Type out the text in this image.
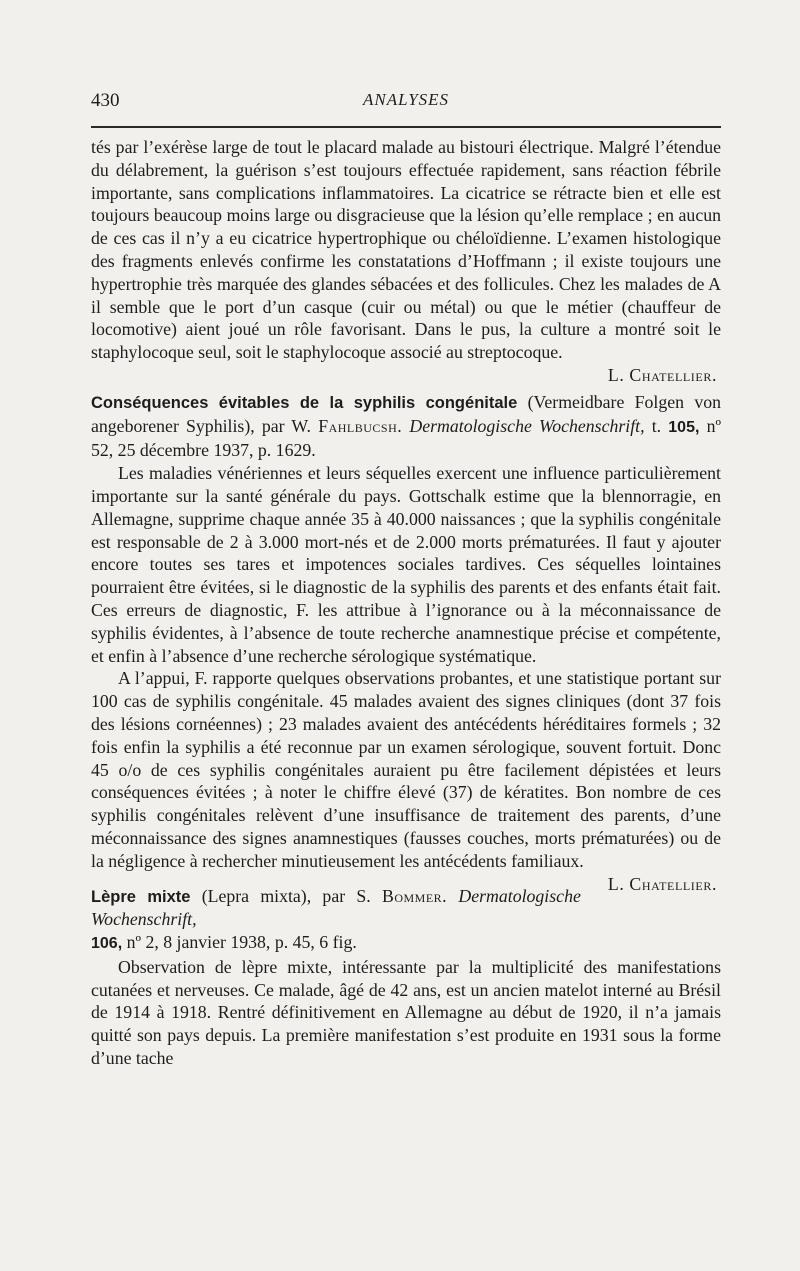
430	ANALYSES

tés par l’exérèse large de tout le placard malade au bistouri électrique. Malgré l’étendue du délabrement, la guérison s’est toujours effectuée rapidement, sans réaction fébrile importante, sans complications inflammatoires. La cicatrice se rétracte bien et elle est toujours beaucoup moins large ou disgracieuse que la lésion qu’elle remplace ; en aucun de ces cas il n’y a eu cicatrice hypertrophique ou chéloïdienne. L’examen histologique des fragments enlevés confirme les constatations d’Hoffmann ; il existe toujours une hypertrophie très marquée des glandes sébacées et des follicules. Chez les malades de A il semble que le port d’un casque (cuir ou métal) ou que le métier (chauffeur de locomotive) aient joué un rôle favorisant. Dans le pus, la culture a montré soit le staphylocoque seul, soit le staphylocoque associé au streptocoque.

L. Chatellier.

Conséquences évitables de la syphilis congénitale (Vermeidbare Folgen von angeborener Syphilis), par W. Fahlbucsh. Dermatologische Wochenschrift, t. 105, nº 52, 25 décembre 1937, p. 1629.

Les maladies vénériennes et leurs séquelles exercent une influence particulièrement importante sur la santé générale du pays. Gottschalk estime que la blennorragie, en Allemagne, supprime chaque année 35 à 40.000 naissances ; que la syphilis congénitale est responsable de 2 à 3.000 mort-nés et de 2.000 morts prématurées. Il faut y ajouter encore toutes ses tares et impotences sociales tardives. Ces séquelles lointaines pourraient être évitées, si le diagnostic de la syphilis des parents et des enfants était fait. Ces erreurs de diagnostic, F. les attribue à l’ignorance ou à la méconnaissance de syphilis évidentes, à l’absence de toute recherche anamnestique précise et compétente, et enfin à l’absence d’une recherche sérologique systématique.

A l’appui, F. rapporte quelques observations probantes, et une statistique portant sur 100 cas de syphilis congénitale. 45 malades avaient des signes cliniques (dont 37 fois des lésions cornéennes) ; 23 malades avaient des antécédents héréditaires formels ; 32 fois enfin la syphilis a été reconnue par un examen sérologique, souvent fortuit. Donc 45 o/o de ces syphilis congénitales auraient pu être facilement dépistées et leurs conséquences évitées ; à noter le chiffre élevé (37) de kératites. Bon nombre de ces syphilis congénitales relèvent d’une insuffisance de traitement des parents, d’une méconnaissance des signes anamnestiques (fausses couches, morts prématurées) ou de la négligence à rechercher minutieusement les antécédents familiaux.
L. Chatellier.

Lèpre mixte (Lepra mixta), par S. Bommer. Dermatologische Wochenschrift,
106, nº 2, 8 janvier 1938, p. 45, 6 fig.

Observation de lèpre mixte, intéressante par la multiplicité des manifestations cutanées et nerveuses. Ce malade, âgé de 42 ans, est un ancien matelot interné au Brésil de 1914 à 1918. Rentré définitivement en Allemagne au début de 1920, il n’a jamais quitté son pays depuis. La première manifestation s’est produite en 1931 sous la forme d’une tache
